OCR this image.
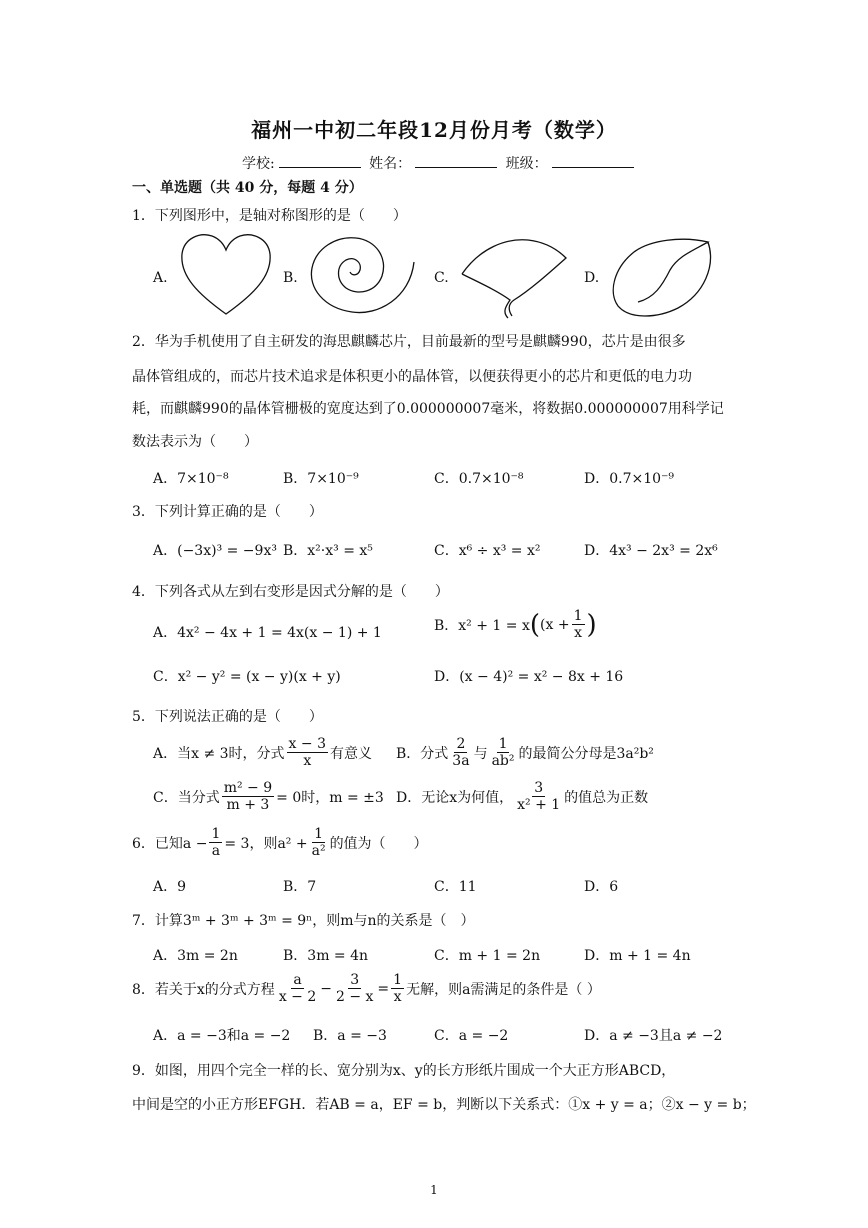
福州一中初二年段12月份月考（数学）
学校:	姓名：	班级：
一、单选题（共 40 分，每题 4 分）
1．下列图形中，是轴对称图形的是（　　）
A.	B.	C.	D.
2．华为手机使用了自主研发的海思麒麟芯片，目前最新的型号是麒麟990，芯片是由很多
晶体管组成的，而芯片技术追求是体积更小的晶体管，以便获得更小的芯片和更低的电力功
耗，而麒麟990的晶体管栅极的宽度达到了0.000000007毫米，将数据0.000000007用科学记
数法表示为（　　）
A．7×10⁻⁸	B．7×10⁻⁹	C．0.7×10⁻⁸	D．0.7×10⁻⁹
3．下列计算正确的是（　　）
A．(−3x)³ = −9x³ B．x²·x³ = x⁵	C．x⁶ ÷ x³ = x²	D．4x³ − 2x³ = 2x⁶
4．下列各式从左到右变形是因式分解的是（　　）
A．4x² − 4x + 1 = 4x(x − 1) + 1	B．x² + 1 = x ( ($x + \frac{1}{x}$ )
C．x² − y² = (x − y)(x + y)	D．(x − 4)² = x² − 8x + 16
5．下列说法正确的是（　　）
A．当x ≠ 3时，分式 $\frac{x - 3}{x}$ 有意义 B．分式 $\frac{2}{3a}$ 与 $\frac{1}{\text{ab²}}$ 的最简公分母是3a²b²
C．当分式 $\frac{\text{m² − 9}}{m + 3} = 0$时，m = ±3 D．无论x为何值， $\frac{3}{\text{x² + 1}}$ 的值总为正数
6．已知$a - \frac{1}{a} = 3$，则$a^2 + \frac{1}{\text{a²}}$ 的值为（　　）
A．9	B．7	C．11	D．6
7．计算3ᵐ + 3ᵐ + 3ᵐ = 9ⁿ，则m与n的关系是（　）
A．3m = 2n	B．3m = 4n	C．m + 1 = 2n	D．m + 1 = 4n
8．若关于x的分式方程 $\frac{a}{x - 2} - \frac{3}{2 - x} = \frac{1}{x}$ 无解，则a需满足的条件是（ ）
A．a = −3和a = −2 B．a = −3	C．a = −2	D．a ≠ −3且a ≠ −2
9．如图，用四个完全一样的长、宽分别为x、y的长方形纸片围成一个大正方形ABCD，
中间是空的小正方形EFGH．若AB = a，EF = b，判断以下关系式：①x + y = a；②x − y = b；
1
